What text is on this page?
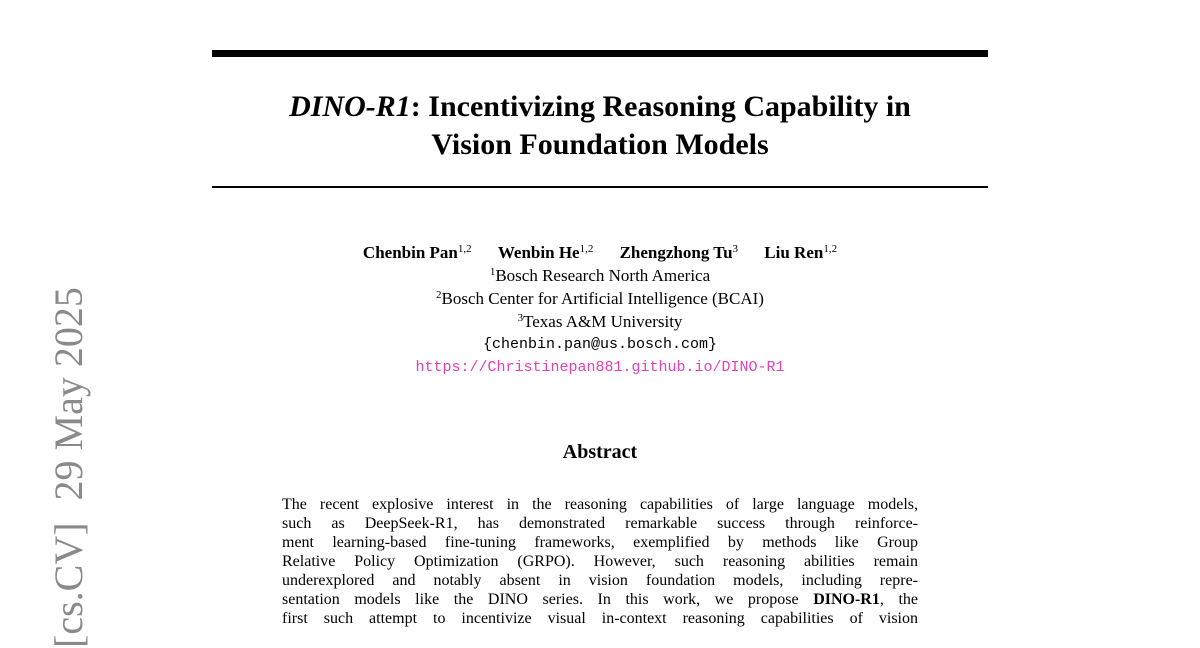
DINO-R1: Incentivizing Reasoning Capability in
Vision Foundation Models
Chenbin Pan$^{1,2}$ Wenbin He$^{1,2}$ Zhengzhong Tu$^3$ Liu Ren$^{1,2}$
$^1$Bosch Research North America
$^2$Bosch Center for Artificial Intelligence (BCAI)
$^3$Texas A&M University
{chenbin.pan@us.bosch.com}
https://Christinepan881.github.io/DINO-R1
Abstract
The recent explosive interest in the reasoning capabilities of large language models,
such as DeepSeek-R1, has demonstrated remarkable success through reinforce-
ment learning-based fine-tuning frameworks, exemplified by methods like Group
Relative Policy Optimization (GRPO). However, such reasoning abilities remain
underexplored and notably absent in vision foundation models, including repre-
sentation models like the DINO series. In this work, we propose DINO-R1, the
first such attempt to incentivize visual in-context reasoning capabilities of vision
[cs.CV]29 May 2025
